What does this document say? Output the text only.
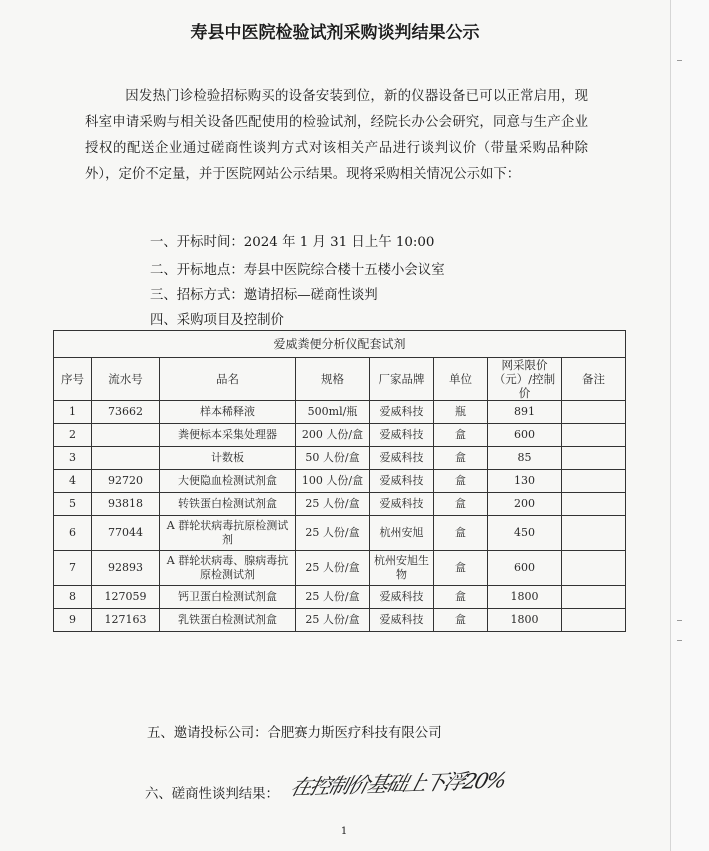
寿县中医院检验试剂采购谈判结果公示
因发热门诊检验招标购买的设备安装到位，新的仪器设备已可以正常启用，现科室申请采购与相关设备匹配使用的检验试剂，经院长办公会研究，同意与生产企业授权的配送企业通过磋商性谈判方式对该相关产品进行谈判议价（带量采购品种除外），定价不定量，并于医院网站公示结果。现将采购相关情况公示如下：
一、开标时间：2024 年 1 月 31 日上午 10:00
二、开标地点：寿县中医院综合楼十五楼小会议室
三、招标方式：邀请招标—磋商性谈判
四、采购项目及控制价
爱威粪便分析仪配套试剂							
序号	流水号	品名	规格	厂家品牌	单位	网采限价（元）/控制价	备注
1	73662	样本稀释液	500ml/瓶	爱威科技	瓶	891	
2		粪便标本采集处理器	200 人份/盒	爱威科技	盒	600	
3		计数板	50 人份/盒	爱威科技	盒	85	
4	92720	大便隐血检测试剂盒	100 人份/盒	爱威科技	盒	130	
5	93818	转铁蛋白检测试剂盒	25 人份/盒	爱威科技	盒	200	
6	77044	A 群轮状病毒抗原检测试剂	25 人份/盒	杭州安旭	盒	450	
7	92893	A 群轮状病毒、腺病毒抗原检测试剂	25 人份/盒	杭州安旭生物	盒	600	
8	127059	钙卫蛋白检测试剂盒	25 人份/盒	爱威科技	盒	1800	
9	127163	乳铁蛋白检测试剂盒	25 人份/盒	爱威科技	盒	1800	
五、邀请投标公司：合肥赛力斯医疗科技有限公司
六、磋商性谈判结果： 在控制价基础上下浮20%
1
